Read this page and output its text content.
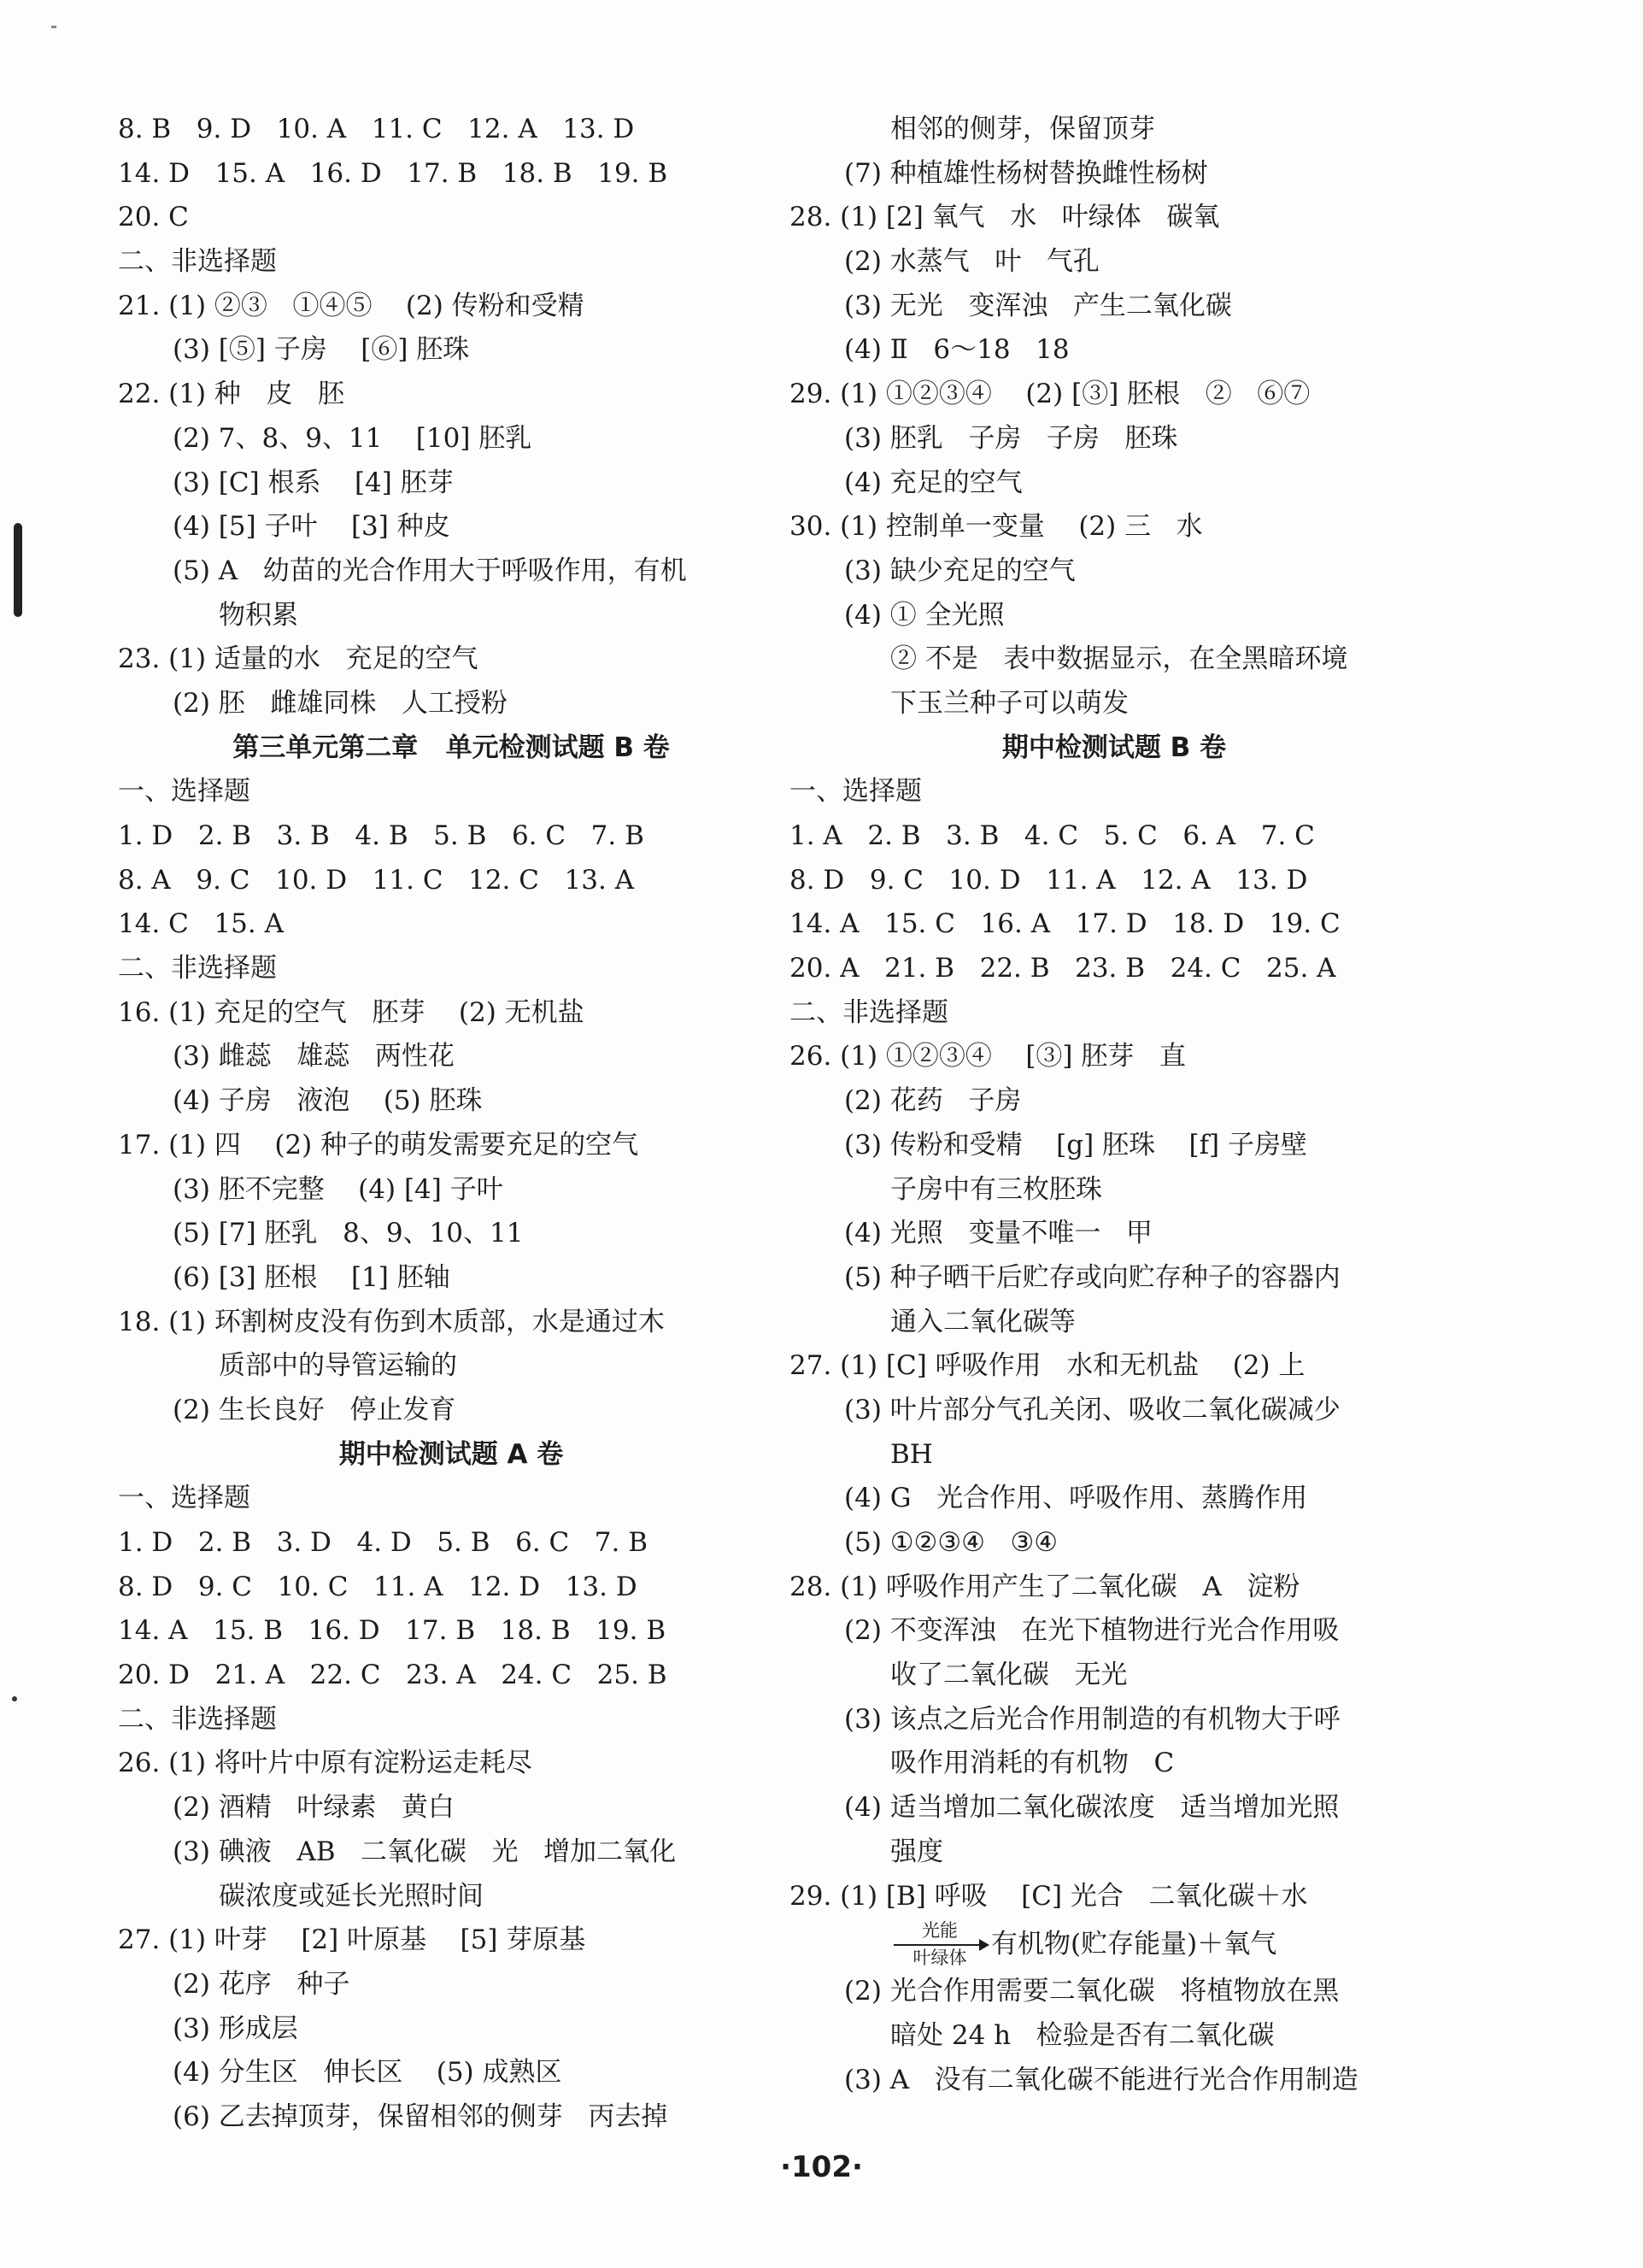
8. B   9. D   10. A   11. C   12. A   13. D
14. D   15. A   16. D   17. B   18. B   19. B
20. C
二、非选择题
21. (1) ②③   ①④⑤    (2) 传粉和受精
(3) [⑤] 子房    [⑥] 胚珠
22. (1) 种   皮   胚
(2) 7、8、9、11    [10] 胚乳
(3) [C] 根系    [4] 胚芽
(4) [5] 子叶    [3] 种皮
(5) A   幼苗的光合作用大于呼吸作用，有机
物积累
23. (1) 适量的水   充足的空气
(2) 胚   雌雄同株   人工授粉
第三单元第二章   单元检测试题 B 卷
一、选择题
1. D   2. B   3. B   4. B   5. B   6. C   7. B
8. A   9. C   10. D   11. C   12. C   13. A
14. C   15. A
二、非选择题
16. (1) 充足的空气   胚芽    (2) 无机盐
(3) 雌蕊   雄蕊   两性花
(4) 子房   液泡    (5) 胚珠
17. (1) 四    (2) 种子的萌发需要充足的空气
(3) 胚不完整    (4) [4] 子叶
(5) [7] 胚乳   8、9、10、11
(6) [3] 胚根    [1] 胚轴
18. (1) 环割树皮没有伤到木质部，水是通过木
质部中的导管运输的
(2) 生长良好   停止发育
期中检测试题 A 卷
一、选择题
1. D   2. B   3. D   4. D   5. B   6. C   7. B
8. D   9. C   10. C   11. A   12. D   13. D
14. A   15. B   16. D   17. B   18. B   19. B
20. D   21. A   22. C   23. A   24. C   25. B
二、非选择题
26. (1) 将叶片中原有淀粉运走耗尽
(2) 酒精   叶绿素   黄白
(3) 碘液   AB   二氧化碳   光   增加二氧化
碳浓度或延长光照时间
27. (1) 叶芽    [2] 叶原基    [5] 芽原基
(2) 花序   种子
(3) 形成层
(4) 分生区   伸长区    (5) 成熟区
(6) 乙去掉顶芽，保留相邻的侧芽   丙去掉
相邻的侧芽，保留顶芽
(7) 种植雄性杨树替换雌性杨树
28. (1) [2] 氧气   水   叶绿体   碳氧
(2) 水蒸气   叶   气孔
(3) 无光   变浑浊   产生二氧化碳
(4) Ⅱ   6～18   18
29. (1) ①②③④    (2) [③] 胚根   ②   ⑥⑦
(3) 胚乳   子房   子房   胚珠
(4) 充足的空气
30. (1) 控制单一变量    (2) 三   水
(3) 缺少充足的空气
(4) ① 全光照
② 不是   表中数据显示，在全黑暗环境
下玉兰种子可以萌发
期中检测试题 B 卷
一、选择题
1. A   2. B   3. B   4. C   5. C   6. A   7. C
8. D   9. C   10. D   11. A   12. A   13. D
14. A   15. C   16. A   17. D   18. D   19. C
20. A   21. B   22. B   23. B   24. C   25. A
二、非选择题
26. (1) ①②③④    [③] 胚芽   直
(2) 花药   子房
(3) 传粉和受精    [g] 胚珠    [f] 子房壁
子房中有三枚胚珠
(4) 光照   变量不唯一   甲
(5) 种子晒干后贮存或向贮存种子的容器内
通入二氧化碳等
27. (1) [C] 呼吸作用   水和无机盐    (2) 上
(3) 叶片部分气孔关闭、吸收二氧化碳减少
BH
(4) G   光合作用、呼吸作用、蒸腾作用
(5) ①②③④   ③④
28. (1) 呼吸作用产生了二氧化碳   A   淀粉
(2) 不变浑浊   在光下植物进行光合作用吸
收了二氧化碳   无光
(3) 该点之后光合作用制造的有机物大于呼
吸作用消耗的有机物   C
(4) 适当增加二氧化碳浓度   适当增加光照
强度
29. (1) [B] 呼吸    [C] 光合   二氧化碳＋水
光能
叶绿体 有机物(贮存能量)＋氧气
(2) 光合作用需要二氧化碳   将植物放在黑
暗处 24 h   检验是否有二氧化碳
(3) A   没有二氧化碳不能进行光合作用制造
·102·
